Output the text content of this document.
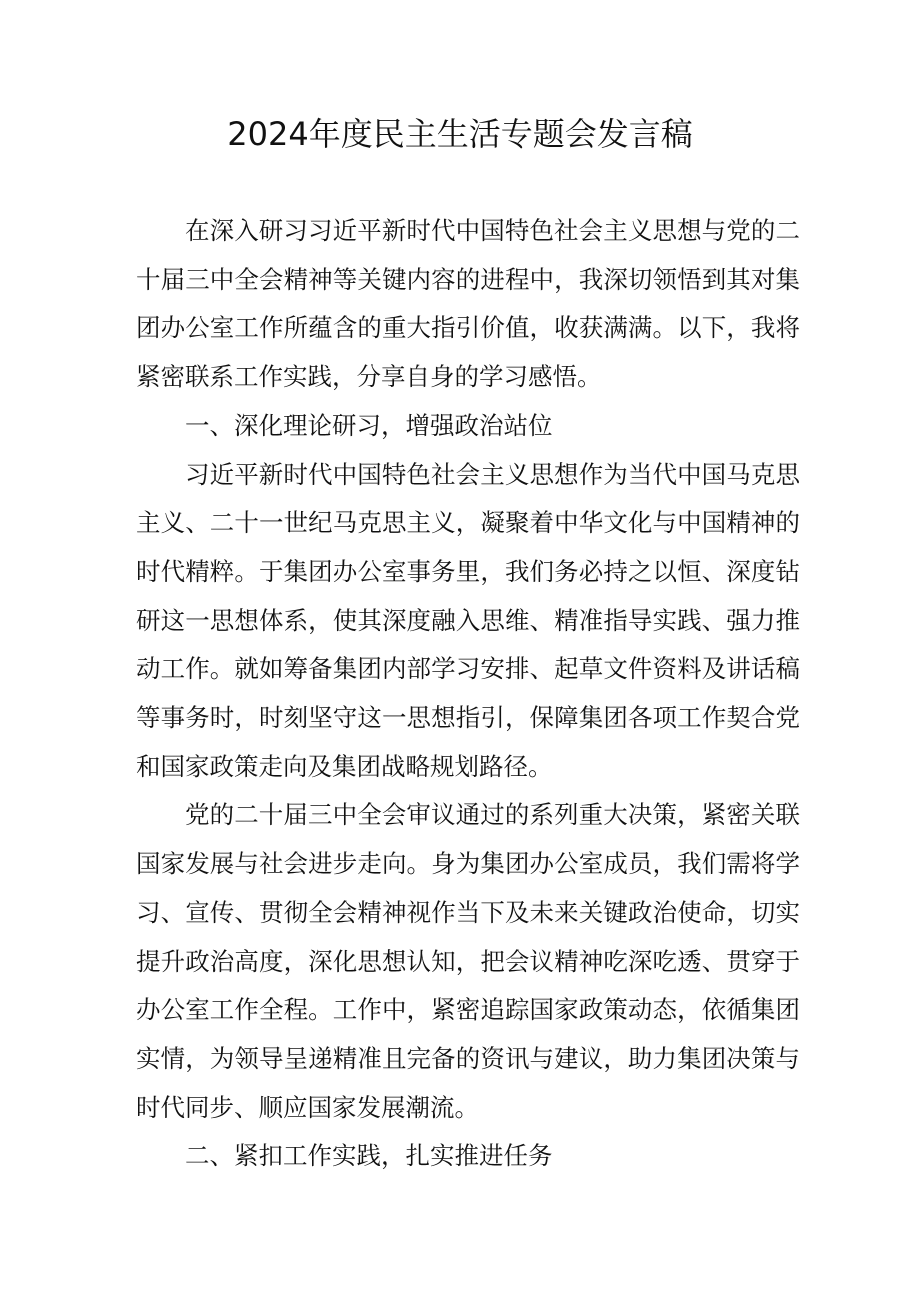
2024年度民主生活专题会发言稿

在深入研习习近平新时代中国特色社会主义思想与党的二十届三中全会精神等关键内容的进程中，我深切领悟到其对集团办公室工作所蕴含的重大指引价值，收获满满。以下，我将紧密联系工作实践，分享自身的学习感悟。

一、深化理论研习，增强政治站位

习近平新时代中国特色社会主义思想作为当代中国马克思主义、二十一世纪马克思主义，凝聚着中华文化与中国精神的时代精粹。于集团办公室事务里，我们务必持之以恒、深度钻研这一思想体系，使其深度融入思维、精准指导实践、强力推动工作。就如筹备集团内部学习安排、起草文件资料及讲话稿等事务时，时刻坚守这一思想指引，保障集团各项工作契合党和国家政策走向及集团战略规划路径。

党的二十届三中全会审议通过的系列重大决策，紧密关联国家发展与社会进步走向。身为集团办公室成员，我们需将学习、宣传、贯彻全会精神视作当下及未来关键政治使命，切实提升政治高度，深化思想认知，把会议精神吃深吃透、贯穿于办公室工作全程。工作中，紧密追踪国家政策动态，依循集团实情，为领导呈递精准且完备的资讯与建议，助力集团决策与时代同步、顺应国家发展潮流。

二、紧扣工作实践，扎实推进任务
